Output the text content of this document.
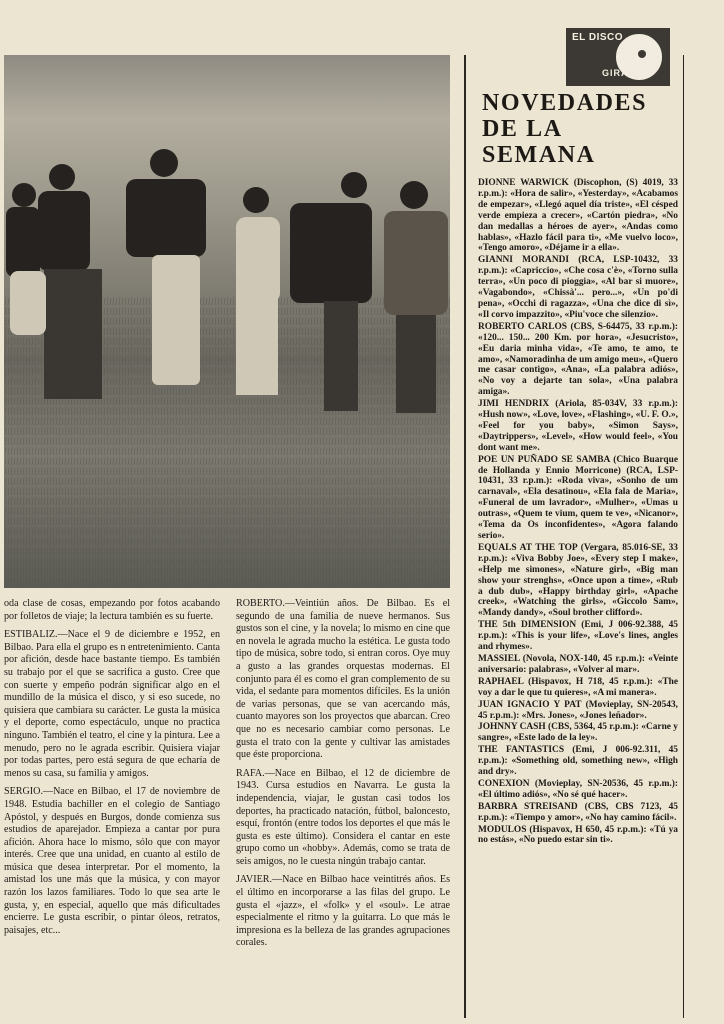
oda clase de cosas, empezando por fotos acabando por folletos de viaje; la lectura también es su fuerte.

ESTIBALIZ.—Nace el 9 de diciembre e 1952, en Bilbao. Para ella el grupo es n entretenimiento. Canta por afición, desde hace bastante tiempo. Es también su trabajo por el que se sacrifica a gusto. Cree que con suerte y empeño podrán significar algo en el mundillo de la música el disco, y si eso sucede, no quisiera que cambiara su carácter. Le gusta la música y el deporte, como espectáculo, unque no practica ninguno. También el teatro, el cine y la pintura. Lee a menudo, pero no le agrada escribir. Quisiera viajar por todas partes, pero está segura de que echaría de menos su casa, su familia y amigos.

SERGIO.—Nace en Bilbao, el 17 de noviembre de 1948. Estudia bachiller en el colegio de Santiago Apóstol, y después en Burgos, donde comienza sus estudios de aparejador. Empieza a cantar por pura afición. Ahora hace lo mismo, sólo que con mayor interés. Cree que una unidad, en cuanto al estilo de música que desea interpretar. Por el momento, la amistad los une más que la música, y con mayor razón los lazos familiares. Todo lo que sea arte le gusta, y, en especial, aquello que más dificultades encierre. Le gusta escribir, o pintar óleos, retratos, paisajes, etc...

ROBERTO.—Veintiún años. De Bilbao. Es el segundo de una familia de nueve hermanos. Sus gustos son el cine, y la novela; lo mismo en cine que en novela le agrada mucho la estética. Le gusta todo tipo de música, sobre todo, si entran coros. Oye muy a gusto a las grandes orquestas modernas. El conjunto para él es como el gran complemento de su vida, el sedante para momentos difíciles. Es la unión de varias personas, que se van acercando más, cuanto mayores son los proyectos que abarcan. Creo que no es necesario cambiar como personas. Le gusta el trato con la gente y cultivar las amistades que éste proporciona.

RAFA.—Nace en Bilbao, el 12 de diciembre de 1943. Cursa estudios en Navarra. Le gusta la independencia, viajar, le gustan casi todos los deportes, ha practicado natación, fútbol, baloncesto, esquí, frontón (entre todos los deportes el que más le gusta es este último). Considera el cantar en este grupo como un «hobby». Además, como se trata de seis amigos, no le cuesta ningún trabajo cantar.

JAVIER.—Nace en Bilbao hace veintitrés años. Es el último en incorporarse a las filas del grupo. Le gusta el «jazz», el «folk» y el «soul». Le atrae especialmente el ritmo y la guitarra. Lo que más le impresiona es la belleza de las grandes agrupaciones corales.

EL DISCO
GIRA
NOVEDADES
DE LA SEMANA
DIONNE WARWICK (Discophon, (S) 4019, 33 r.p.m.): «Hora de salir», «Yesterday», «Acabamos de empezar», «Llegó aquel día triste», «El césped verde empieza a crecer», «Cartón piedra», «No dan medallas a héroes de ayer», «Andas como hablas», «Hazlo fácil para ti», «Me vuelvo loco», «Tengo amoro», «Déjame ir a ella».
GIANNI MORANDI (RCA, LSP-10432, 33 r.p.m.): «Capriccio», «Che cosa c'è», «Torno sulla terra», «Un poco di pioggia», «Al bar si muore», «Vagabondo», «Chissà'... pero...», «Un po'di pena», «Occhi di ragazza», «Una che dice di sì», «Il corvo impazzito», «Piu'voce che silenzio».
ROBERTO CARLOS (CBS, S-64475, 33 r.p.m.): «120... 150... 200 Km. por hora», «Jesucristo», «Eu daria minha vida», «Te amo, te amo, te amo», «Namoradinha de um amigo meu», «Quero me casar contigo», «Ana», «La palabra adiós», «No voy a dejarte tan sola», «Una palabra amiga».
JIMI HENDRIX (Ariola, 85-034V, 33 r.p.m.): «Hush now», «Love, love», «Flashing», «U. F. O.», «Feel for you baby», «Simon Says», «Daytrippers», «Level», «How would feel», «You dont want me».
POE UN PUÑADO SE SAMBA (Chico Buarque de Hollanda y Ennio Morricone) (RCA, LSP-10431, 33 r.p.m.): «Roda viva», «Sonho de um carnaval», «Ela desatinou», «Ela fala de Maria», «Funeral de um lavrador», «Mulher», «Umas u outras», «Quem te vium, quem te ve», «Nicanor», «Tema da Os inconfidentes», «Agora falando serio».
EQUALS AT THE TOP (Vergara, 85.016-SE, 33 r.p.m.): «Viva Bobby Joe», «Every step I make», «Help me simones», «Nature girl», «Big man show your strenghs», «Once upon a time», «Rub a dub dub», «Happy birthday girl», «Apache creek», «Watching the girls», «Giccolo Sam», «Mandy dandy», «Soul brother clifford».
THE 5th DIMENSION (Emi, J 006-92.388, 45 r.p.m.): «This is your life», «Love's lines, angles and rhymes».
MASSIEL (Novola, NOX-140, 45 r.p.m.): «Veinte aniversario: palabras», «Volver al mar».
RAPHAEL (Hispavox, H 718, 45 r.p.m.): «The voy a dar le que tu quieres», «A mi manera».
JUAN IGNACIO Y PAT (Movieplay, SN-20543, 45 r.p.m.): «Mrs. Jones», «Jones leñador».
JOHNNY CASH (CBS, 5364, 45 r.p.m.): «Carne y sangre», «Este lado de la ley».
THE FANTASTICS (Emi, J 006-92.311, 45 r.p.m.): «Something old, something new», «High and dry».
CONEXION (Movieplay, SN-20536, 45 r.p.m.): «El último adiós», «No sé qué hacer».
BARBRA STREISAND (CBS, CBS 7123, 45 r.p.m.): «Tiempo y amor», «No hay camino fácil».
MODULOS (Hispavox, H 650, 45 r.p.m.): «Tú ya no estás», «No puedo estar sin ti».
